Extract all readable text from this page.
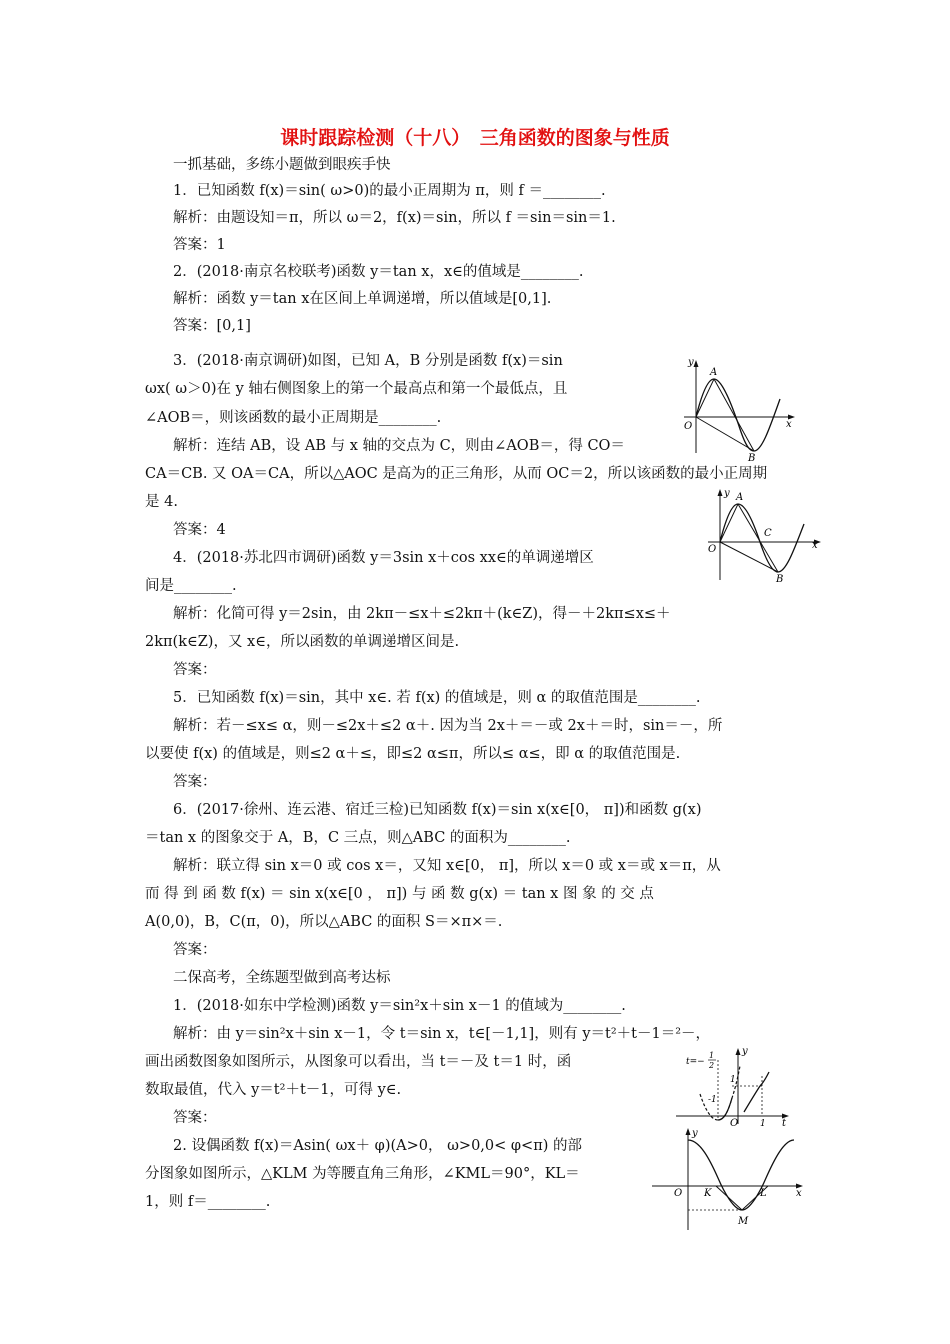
课时跟踪检测（十八）　三角函数的图象与性质
一抓基础，多练小题做到眼疾手快
1．已知函数 f(x)＝sin( ω>0)的最小正周期为 π，则 f ＝________.
解析：由题设知＝π，所以 ω＝2，f(x)＝sin，所以 f ＝sin＝sin＝1.
答案：1
2．(2018·南京名校联考)函数 y＝tan x，x∈的值域是________.
解析：函数 y＝tan x在区间上单调递增，所以值域是[0,1].
答案：[0,1]
3．(2018·南京调研)如图，已知 A，B 分别是函数 f(x)＝sin
ωx( ω＞0)在 y 轴右侧图象上的第一个最高点和第一个最低点，且
∠AOB＝，则该函数的最小正周期是________.
解析：连结 AB，设 AB 与 x 轴的交点为 C，则由∠AOB＝，得 CO＝
CA＝CB. 又 OA＝CA，所以△AOC 是高为的正三角形，从而 OC＝2，所以该函数的最小正周期
是 4.
答案：4
4．(2018·苏北四市调研)函数 y＝3sin x＋cos xx∈的单调递增区
间是________.
解析：化简可得 y＝2sin，由 2kπ－≤x＋≤2kπ＋(k∈Z)，得－＋2kπ≤x≤＋
2kπ(k∈Z)，又 x∈，所以函数的单调递增区间是.
答案：
5．已知函数 f(x)＝sin，其中 x∈. 若 f(x) 的值域是，则 α 的取值范围是________.
解析：若－≤x≤ α，则－≤2x＋≤2 α＋. 因为当 2x＋＝－或 2x＋＝时，sin＝－，所
以要使 f(x) 的值域是，则≤2 α＋≤，即≤2 α≤π，所以≤ α≤，即 α 的取值范围是.
答案：
6．(2017·徐州、连云港、宿迁三检)已知函数 f(x)＝sin x(x∈[0， π])和函数 g(x)
＝tan x 的图象交于 A，B，C 三点，则△ABC 的面积为________.
解析：联立得 sin x＝0 或 cos x＝，又知 x∈[0， π]，所以 x＝0 或 x＝或 x＝π，从
而 得 到 函 数 f(x) ＝ sin x(x∈[0 ， π]) 与 函 数 g(x) ＝ tan x 图 象 的 交 点
A(0,0)，B，C(π，0)，所以△ABC 的面积 S＝×π×＝.
答案：
二保高考，全练题型做到高考达标
1．(2018·如东中学检测)函数 y＝sin²x＋sin x－1 的值域为________.
解析：由 y＝sin²x＋sin x－1，令 t＝sin x，t∈[－1,1]，则有 y＝t²＋t－1＝²－，
画出函数图象如图所示，从图象可以看出，当 t＝－及 t＝1 时，函
数取最值，代入 y＝t²＋t－1，可得 y∈.
答案：
2. 设偶函数 f(x)＝Asin( ωx＋ φ)(A>0， ω>0,0< φ<π) 的部
分图象如图所示，△KLM 为等腰直角三角形，∠KML＝90°，KL＝
1，则 f＝________.
y
x
O
A
B
y
x
O
A
C
B
t=−
1
2
y
1
-1
O 1 t
y
x
O K	L
M
